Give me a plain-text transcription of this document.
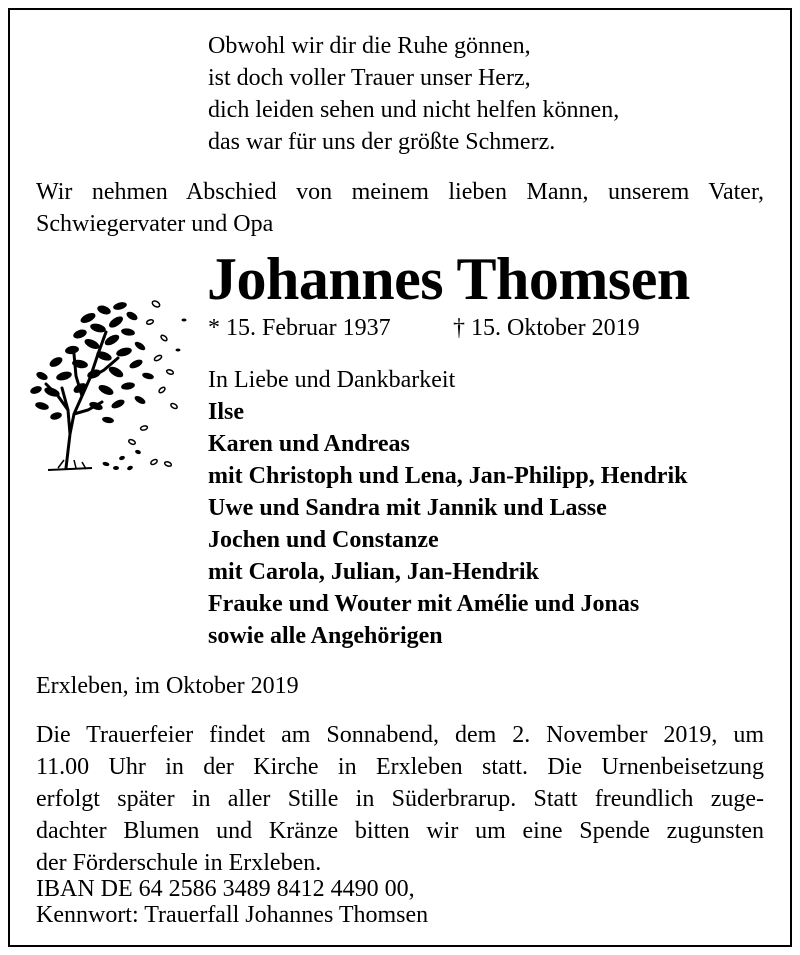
Obwohl wir dir die Ruhe gönnen,
ist doch voller Trauer unser Herz,
dich leiden sehen und nicht helfen können,
das war für uns der größte Schmerz.
Wir nehmen Abschied von meinem lieben Mann, unserem Vater,
Schwiegervater und Opa
Johannes Thomsen
* 15. Februar 1937	† 15. Oktober 2019
In Liebe und Dankbarkeit
Ilse
Karen und Andreas
mit Christoph und Lena, Jan-Philipp, Hendrik
Uwe und Sandra mit Jannik und Lasse
Jochen und Constanze
mit Carola, Julian, Jan-Hendrik
Frauke und Wouter mit Amélie und Jonas
sowie alle Angehörigen
Erxleben, im Oktober 2019
Die Trauerfeier findet am Sonnabend, dem 2. November 2019, um
11.00 Uhr in der Kirche in Erxleben statt. Die Urnenbeisetzung
erfolgt später in aller Stille in Süderbrarup. Statt freundlich zuge-
dachter Blumen und Kränze bitten wir um eine Spende zugunsten
der Förderschule in Erxleben.
IBAN DE 64 2586 3489 8412 4490 00,
Kennwort: Trauerfall Johannes Thomsen
